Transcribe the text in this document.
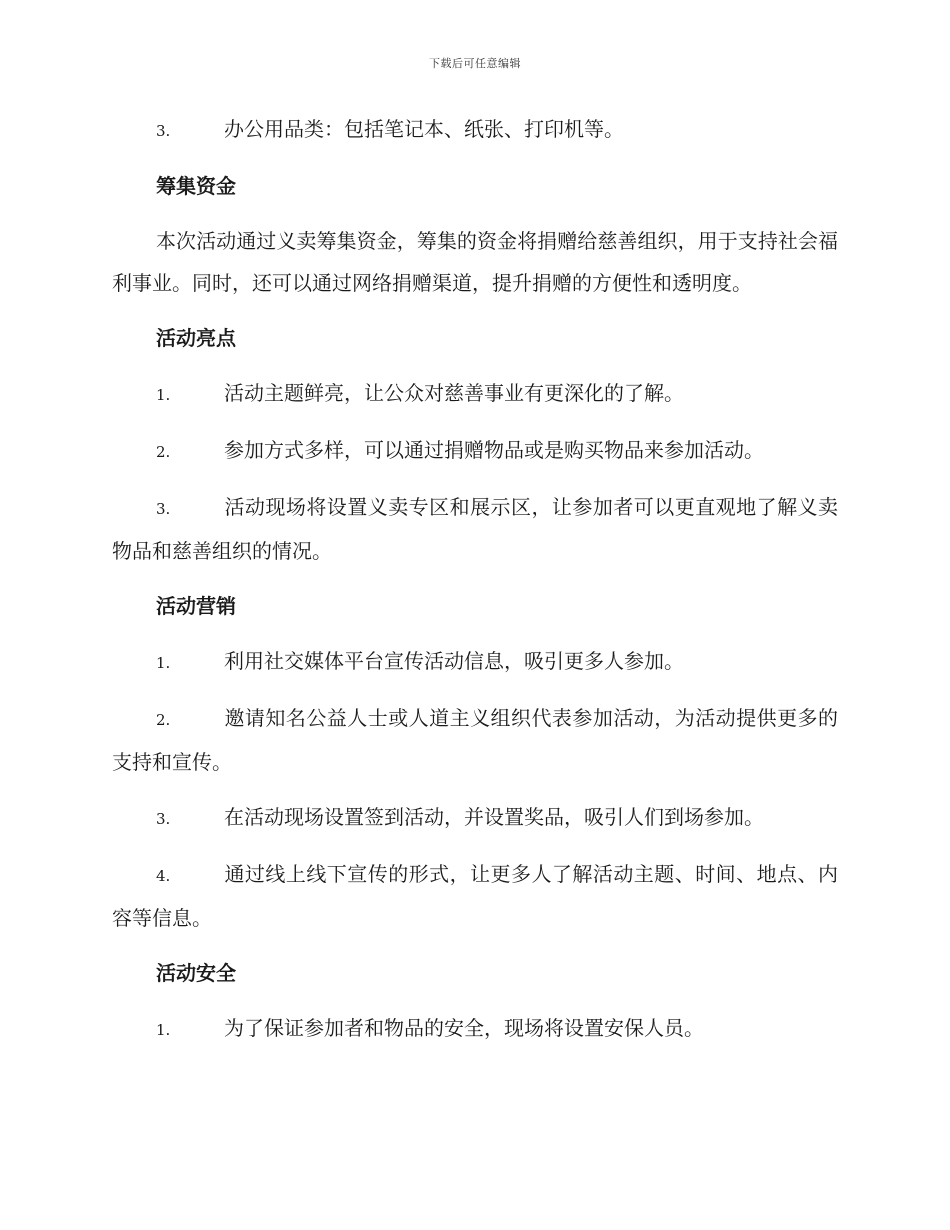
下载后可任意编辑

3.	办公用品类：包括笔记本、纸张、打印机等。

筹集资金

本次活动通过义卖筹集资金，筹集的资金将捐赠给慈善组织，用于支持社会福利事业。同时，还可以通过网络捐赠渠道，提升捐赠的方便性和透明度。

活动亮点

1.	活动主题鲜亮，让公众对慈善事业有更深化的了解。

2.	参加方式多样，可以通过捐赠物品或是购买物品来参加活动。

3.	活动现场将设置义卖专区和展示区，让参加者可以更直观地了解义卖物品和慈善组织的情况。

活动营销

1.	利用社交媒体平台宣传活动信息，吸引更多人参加。

2.	邀请知名公益人士或人道主义组织代表参加活动，为活动提供更多的支持和宣传。

3.	在活动现场设置签到活动，并设置奖品，吸引人们到场参加。

4.	通过线上线下宣传的形式，让更多人了解活动主题、时间、地点、内容等信息。

活动安全

1.	为了保证参加者和物品的安全，现场将设置安保人员。
